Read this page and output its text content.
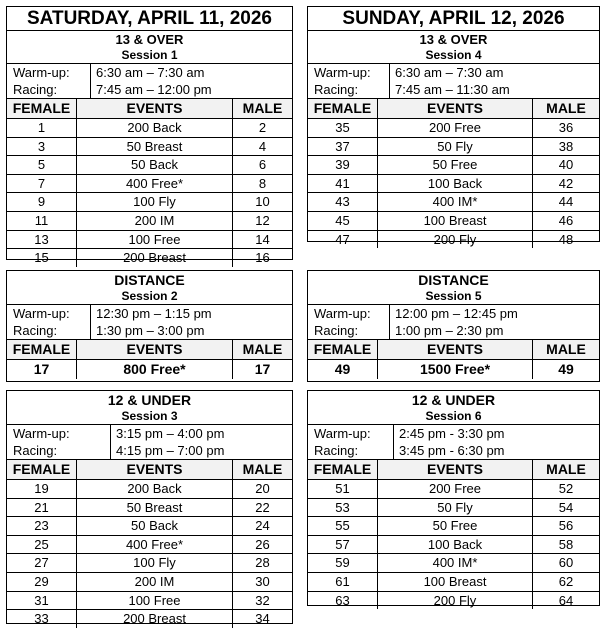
SATURDAY, APRIL 11, 2026
13 & OVER
Session 1
Warm-up:	6:30 am – 7:30 am
Racing:	7:45 am – 12:00 pm
FEMALE	EVENTS	MALE
1	200 Back	2
3	50 Breast	4
5	50 Back	6
7	400 Free*	8
9	100 Fly	10
11	200 IM	12
13	100 Free	14
15	200 Breast	16
DISTANCE
Session 2
Warm-up:	12:30 pm – 1:15 pm
Racing:	1:30 pm – 3:00 pm
FEMALE	EVENTS	MALE
17	800 Free*	17
12 & UNDER
Session 3
Warm-up:	3:15 pm – 4:00 pm
Racing:	4:15 pm – 7:00 pm
FEMALE	EVENTS	MALE
19	200 Back	20
21	50 Breast	22
23	50 Back	24
25	400 Free*	26
27	100 Fly	28
29	200 IM	30
31	100 Free	32
33	200 Breast	34
SUNDAY, APRIL 12, 2026
13 & OVER
Session 4
Warm-up:	6:30 am – 7:30 am
Racing:	7:45 am – 11:30 am
FEMALE	EVENTS	MALE
35	200 Free	36
37	50 Fly	38
39	50 Free	40
41	100 Back	42
43	400 IM*	44
45	100 Breast	46
47	200 Fly	48
DISTANCE
Session 5
Warm-up:	12:00 pm – 12:45 pm
Racing:	1:00 pm – 2:30 pm
FEMALE	EVENTS	MALE
49	1500 Free*	49
12 & UNDER
Session 6
Warm-up:	2:45 pm - 3:30 pm
Racing:	3:45 pm - 6:30 pm
FEMALE	EVENTS	MALE
51	200 Free	52
53	50 Fly	54
55	50 Free	56
57	100 Back	58
59	400 IM*	60
61	100 Breast	62
63	200 Fly	64
